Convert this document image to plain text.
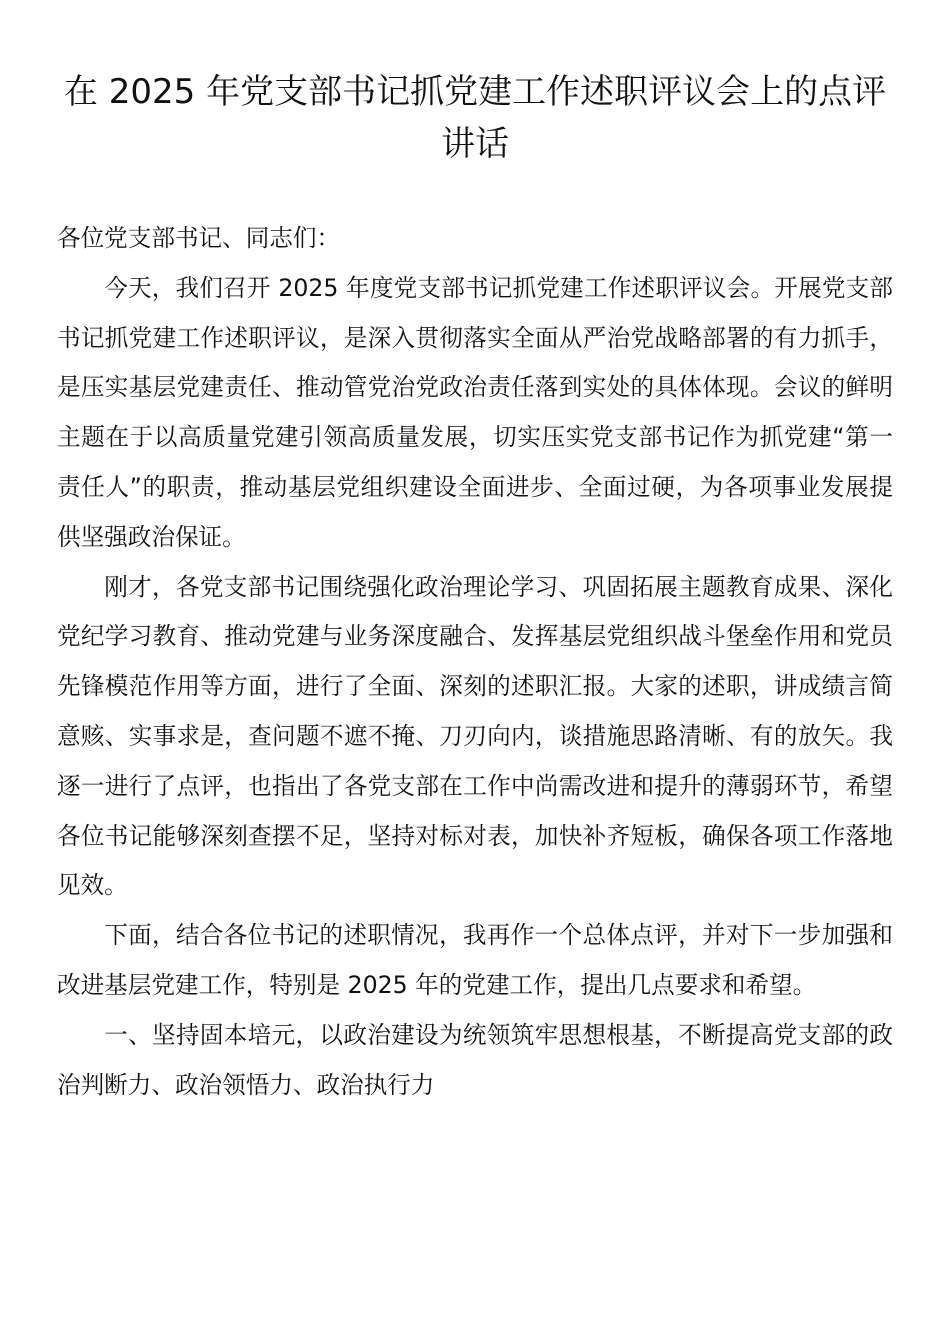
在 2025 年党支部书记抓党建工作述职评议会上的点评讲话

各位党支部书记、同志们：

今天，我们召开 2025 年度党支部书记抓党建工作述职评议会。开展党支部书记抓党建工作述职评议，是深入贯彻落实全面从严治党战略部署的有力抓手，是压实基层党建责任、推动管党治党政治责任落到实处的具体体现。会议的鲜明主题在于以高质量党建引领高质量发展，切实压实党支部书记作为抓党建“第一责任人”的职责，推动基层党组织建设全面进步、全面过硬，为各项事业发展提供坚强政治保证。

刚才，各党支部书记围绕强化政治理论学习、巩固拓展主题教育成果、深化党纪学习教育、推动党建与业务深度融合、发挥基层党组织战斗堡垒作用和党员先锋模范作用等方面，进行了全面、深刻的述职汇报。大家的述职，讲成绩言简意赅、实事求是，查问题不遮不掩、刀刃向内，谈措施思路清晰、有的放矢。我逐一进行了点评，也指出了各党支部在工作中尚需改进和提升的薄弱环节，希望各位书记能够深刻查摆不足，坚持对标对表，加快补齐短板，确保各项工作落地见效。

下面，结合各位书记的述职情况，我再作一个总体点评，并对下一步加强和改进基层党建工作，特别是 2025 年的党建工作，提出几点要求和希望。

一、坚持固本培元，以政治建设为统领筑牢思想根基，不断提高党支部的政治判断力、政治领悟力、政治执行力
